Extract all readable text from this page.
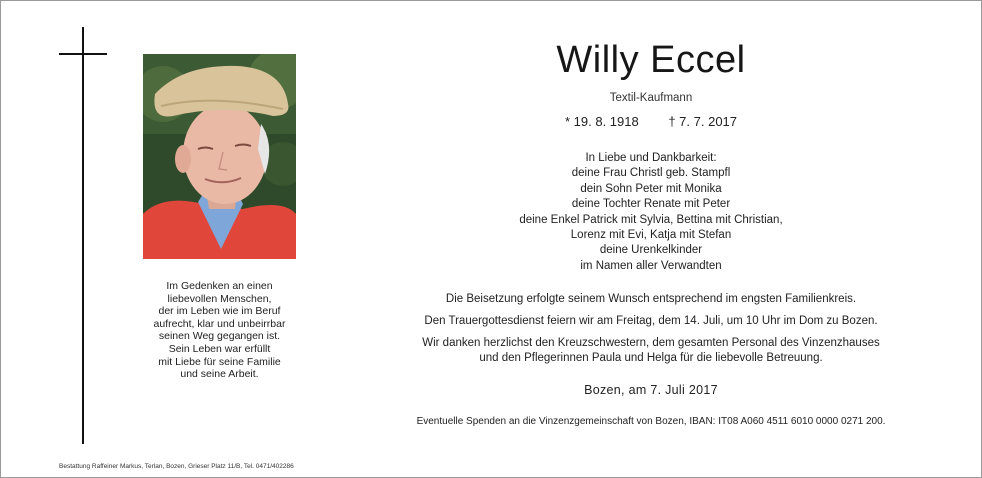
Im Gedenken an einen
liebevollen Menschen,
der im Leben wie im Beruf
aufrecht, klar und unbeirrbar
seinen Weg gegangen ist.
Sein Leben war erfüllt
mit Liebe für seine Familie
und seine Arbeit.
Bestattung Raffeiner Markus, Terlan, Bozen, Grieser Platz 11/B, Tel. 0471/402286
Willy Eccel
Textil-Kaufmann
* 19. 8. 1918 † 7. 7. 2017
In Liebe und Dankbarkeit:
deine Frau Christl geb. Stampfl
dein Sohn Peter mit Monika
deine Tochter Renate mit Peter
deine Enkel Patrick mit Sylvia, Bettina mit Christian,
Lorenz mit Evi, Katja mit Stefan
deine Urenkelkinder
im Namen aller Verwandten
Die Beisetzung erfolgte seinem Wunsch entsprechend im engsten Familienkreis.
Den Trauergottesdienst feiern wir am Freitag, dem 14. Juli, um 10 Uhr im Dom zu Bozen.
Wir danken herzlichst den Kreuzschwestern, dem gesamten Personal des Vinzenzhauses
und den Pflegerinnen Paula und Helga für die liebevolle Betreuung.
Bozen, am 7. Juli 2017
Eventuelle Spenden an die Vinzenzgemeinschaft von Bozen, IBAN: IT08 A060 4511 6010 0000 0271 200.
